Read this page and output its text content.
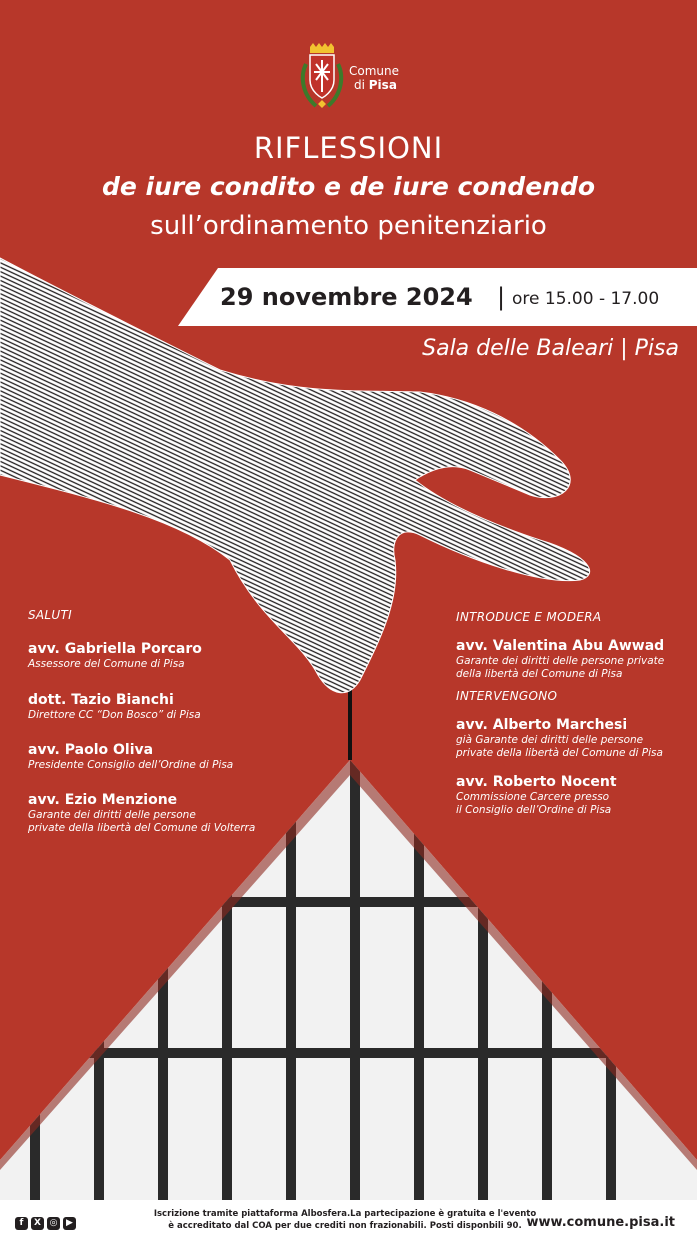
Comune
di Pisa
RIFLESSIONI
de iure condito e de iure condendo
sull’ordinamento penitenziario
29 novembre 2024 | ore 15.00 - 17.00
Sala delle Baleari | Pisa
SALUTI
avv. Gabriella Porcaro
Assessore del Comune di Pisa
dott. Tazio Bianchi
Direttore CC “Don Bosco” di Pisa
avv. Paolo Oliva
Presidente Consiglio dell’Ordine di Pisa
avv. Ezio Menzione
Garante dei diritti delle persone
private della libertà del Comune di Volterra
INTRODUCE E MODERA
avv. Valentina Abu Awwad
Garante dei diritti delle persone private
della libertà del Comune di Pisa
INTERVENGONO
avv. Alberto Marchesi
già Garante dei diritti delle persone
private della libertà del Comune di Pisa
avv. Roberto Nocent
Commissione Carcere presso
il Consiglio dell’Ordine di Pisa
f	X ◎ ▶
Iscrizione tramite piattaforma Albosfera.La partecipazione è gratuita e l'evento
è accreditato dal COA per due crediti non frazionabili. Posti disponbili 90. www.comune.pisa.it
